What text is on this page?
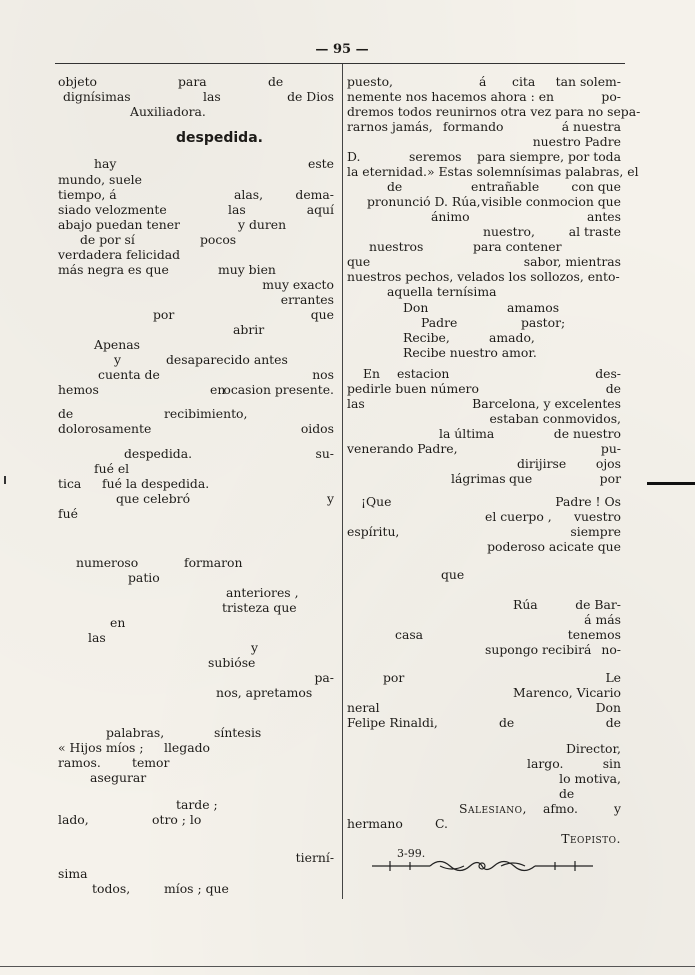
— 95 —
objeto	para	de
dignísimas	las	de Dios
Auxiliadora.
despedida.
hay	este
mundo, suele
tiempo, á	alas,	dema-
siado velozmente	las	aquí
abajo puedan tener	y duren
de por sí	pocos
verdadera felicidad
más negra es que	muy bien
muy exacto
errantes
por	que
abrir
Apenas
y	desaparecido antes
cuenta de	nos
hemos	en
ocasion presente.
de	recibimiento,
dolorosamente	oidos
despedida.	su-
fué el
tica fué la despedida.
que celebró	y
fué
numeroso	formaron
patio
anteriores ,
tristeza que
en
las
y
subióse
pa-
nos, apretamos
palabras,	síntesis
« Hijos míos ; llegado
ramos.	temor
asegurar
tarde ;
lado,	otro ; lo
tierní-
sima
todos,	míos ; que
puesto,	á cita tan solem-
nemente nos hacemos ahora : en	po-
dremos todos reunirnos otra vez para no sepa-
rarnos jamás, formando	á nuestra
nuestro Padre
D.	seremos para siempre, por toda
la eternidad.» Estas solemnísimas palabras, el
de	entrañable	con que
pronunció D. Rúa, visible conmocion que
ánimo	antes
nuestro,	al traste
nuestros	para contener
que	sabor, mientras
nuestros pechos, velados los sollozos, ento-
aquella ternísima
Don	amamos
Padre	pastor;
Recibe,	amado,
Recibe nuestro amor.
En estacion	des-
pedirle buen número	de
las	Barcelona, y excelentes
estaban conmovidos,
la última	de nuestro
venerando Padre,	pu-
dirijirse ojos
lágrimas que	por
¡Que	Padre ! Os
el cuerpo , vuestro
espíritu,	siempre
poderoso acicate que
que
Rúa	de Bar-
á más
casa	tenemos
supongo recibirá no-
por	Le
Marenco, Vicario
neral	Don
Felipe Rinaldi,	de	de
Director,
largo.	sin
lo motiva,
de
Salesiano, afmo.	y
hermano	C.
Teopisto.
3-99.
